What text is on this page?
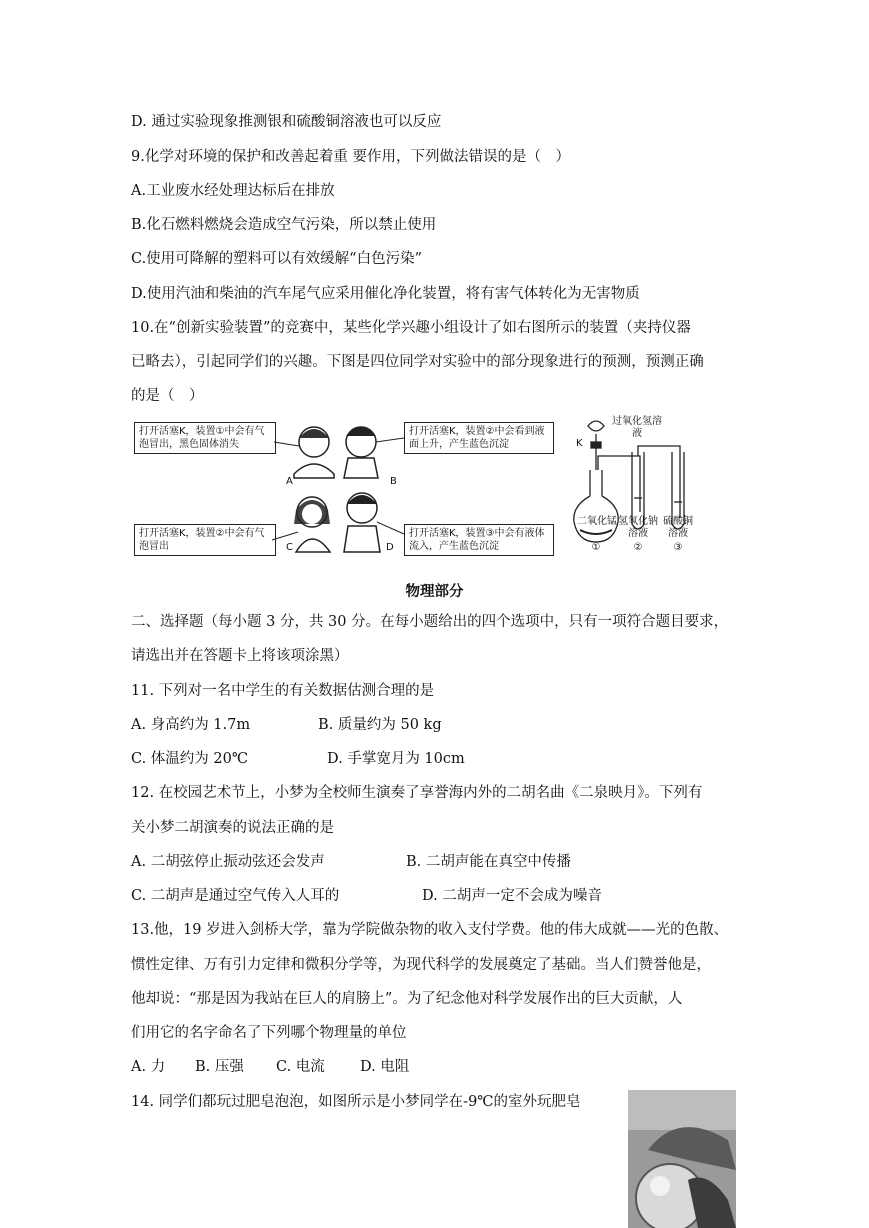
D. 通过实验现象推测银和硫酸铜溶液也可以反应
9.化学对环境的保护和改善起着重 要作用，下列做法错误的是（　）
A.工业废水经处理达标后在排放
B.化石燃料燃烧会造成空气污染，所以禁止使用
C.使用可降解的塑料可以有效缓解“白色污染”
D.使用汽油和柴油的汽车尾气应采用催化净化装置，将有害气体转化为无害物质
10.在“创新实验装置”的竞赛中，某些化学兴趣小组设计了如右图所示的装置（夹持仪器
已略去），引起同学们的兴趣。下图是四位同学对实验中的部分现象进行的预测，预测正确
的是（　）
打开活塞K，装置①中会有气泡冒出，黑色固体消失
打开活塞K，装置②中会看到液面上升，产生蓝色沉淀
打开活塞K，装置②中会有气泡冒出
打开活塞K，装置③中会有液体流入，产生蓝色沉淀
A	B
C	D
过氧化氢溶液
K
二氧化锰
①
氢氧化钠溶液
②
硫酸铜溶液
③
物理部分
二、选择题（每小题 3 分，共 30 分。在每小题给出的四个选项中，只有一项符合题目要求，
请选出并在答题卡上将该项涂黑）
11. 下列对一名中学生的有关数据估测合理的是
A. 身高约为 1.7m	B. 质量约为 50 kg
C. 体温约为 20℃	D. 手掌宽月为 10cm
12. 在校园艺术节上，小梦为全校师生演奏了享誉海内外的二胡名曲《二泉映月》。下列有
关小梦二胡演奏的说法正确的是
A. 二胡弦停止振动弦还会发声	B. 二胡声能在真空中传播
C. 二胡声是通过空气传入人耳的	D. 二胡声一定不会成为噪音
13.他，19 岁进入剑桥大学，靠为学院做杂物的收入支付学费。他的伟大成就——光的色散、
惯性定律、万有引力定律和微积分学等，为现代科学的发展奠定了基础。当人们赞誉他是，
他却说：“那是因为我站在巨人的肩膀上”。为了纪念他对科学发展作出的巨大贡献，人
们用它的名字命名了下列哪个物理量的单位
A. 力 B. 压强 C. 电流 D. 电阻
14. 同学们都玩过肥皂泡泡，如图所示是小梦同学在-9℃的室外玩肥皂
